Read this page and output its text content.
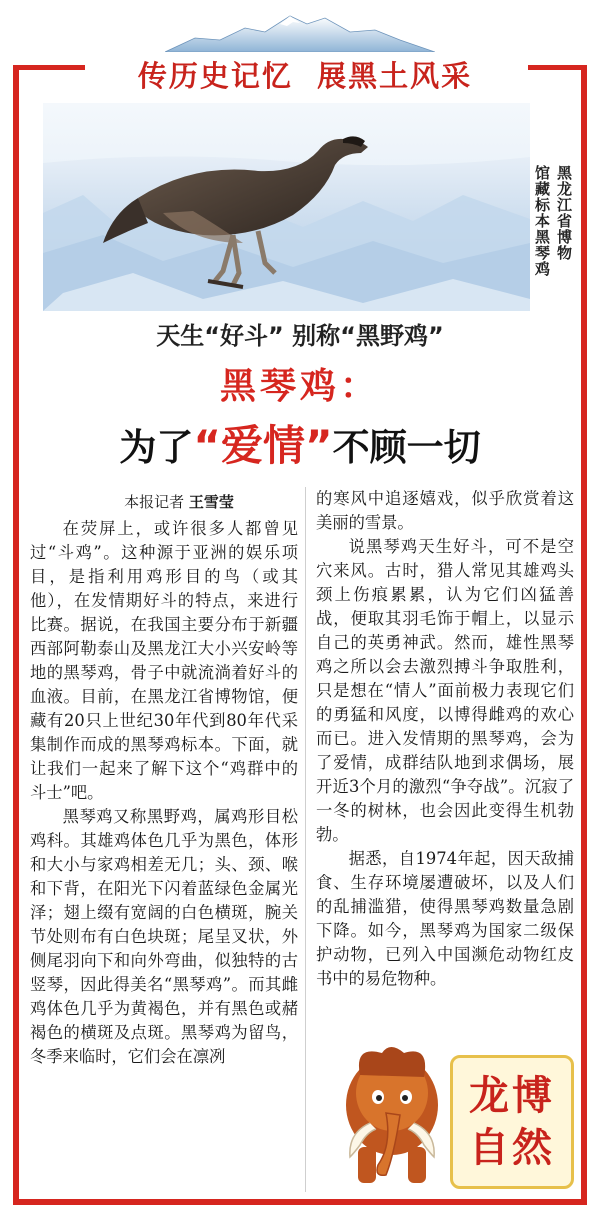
传历史记忆  展黑土风采
黑龙江省博物
馆藏标本黑琴鸡
天生“好斗” 别称“黑野鸡”
黑琴鸡：
为了“爱情”不顾一切

本报记者 王雪莹

在荧屏上，或许很多人都曾见过“斗鸡”。这种源于亚洲的娱乐项目，是指利用鸡形目的鸟（或其他），在发情期好斗的特点，来进行比赛。据说，在我国主要分布于新疆西部阿勒泰山及黑龙江大小兴安岭等地的黑琴鸡，骨子中就流淌着好斗的血液。目前，在黑龙江省博物馆，便藏有20只上世纪30年代到80年代采集制作而成的黑琴鸡标本。下面，就让我们一起来了解下这个“鸡群中的斗士”吧。

黑琴鸡又称黑野鸡，属鸡形目松鸡科。其雄鸡体色几乎为黑色，体形和大小与家鸡相差无几；头、颈、喉和下背，在阳光下闪着蓝绿色金属光泽；翅上缀有宽阔的白色横斑，腕关节处则布有白色块斑；尾呈叉状，外侧尾羽向下和向外弯曲，似独特的古竖琴，因此得美名“黑琴鸡”。而其雌鸡体色几乎为黄褐色，并有黑色或赭褐色的横斑及点斑。黑琴鸡为留鸟，冬季来临时，它们会在凛冽

的寒风中追逐嬉戏，似乎欣赏着这美丽的雪景。

说黑琴鸡天生好斗，可不是空穴来风。古时，猎人常见其雄鸡头颈上伤痕累累，认为它们凶猛善战，便取其羽毛饰于帽上，以显示自己的英勇神武。然而，雄性黑琴鸡之所以会去激烈搏斗争取胜利，只是想在“情人”面前极力表现它们的勇猛和风度，以博得雌鸡的欢心而已。进入发情期的黑琴鸡，会为了爱情，成群结队地到求偶场，展开近3个月的激烈“争夺战”。沉寂了一冬的树林，也会因此变得生机勃勃。

据悉，自1974年起，因天敌捕食、生存环境屡遭破坏，以及人们的乱捕滥猎，使得黑琴鸡数量急剧下降。如今，黑琴鸡为国家二级保护动物，已列入中国濒危动物红皮书中的易危物种。

龙博
自然
